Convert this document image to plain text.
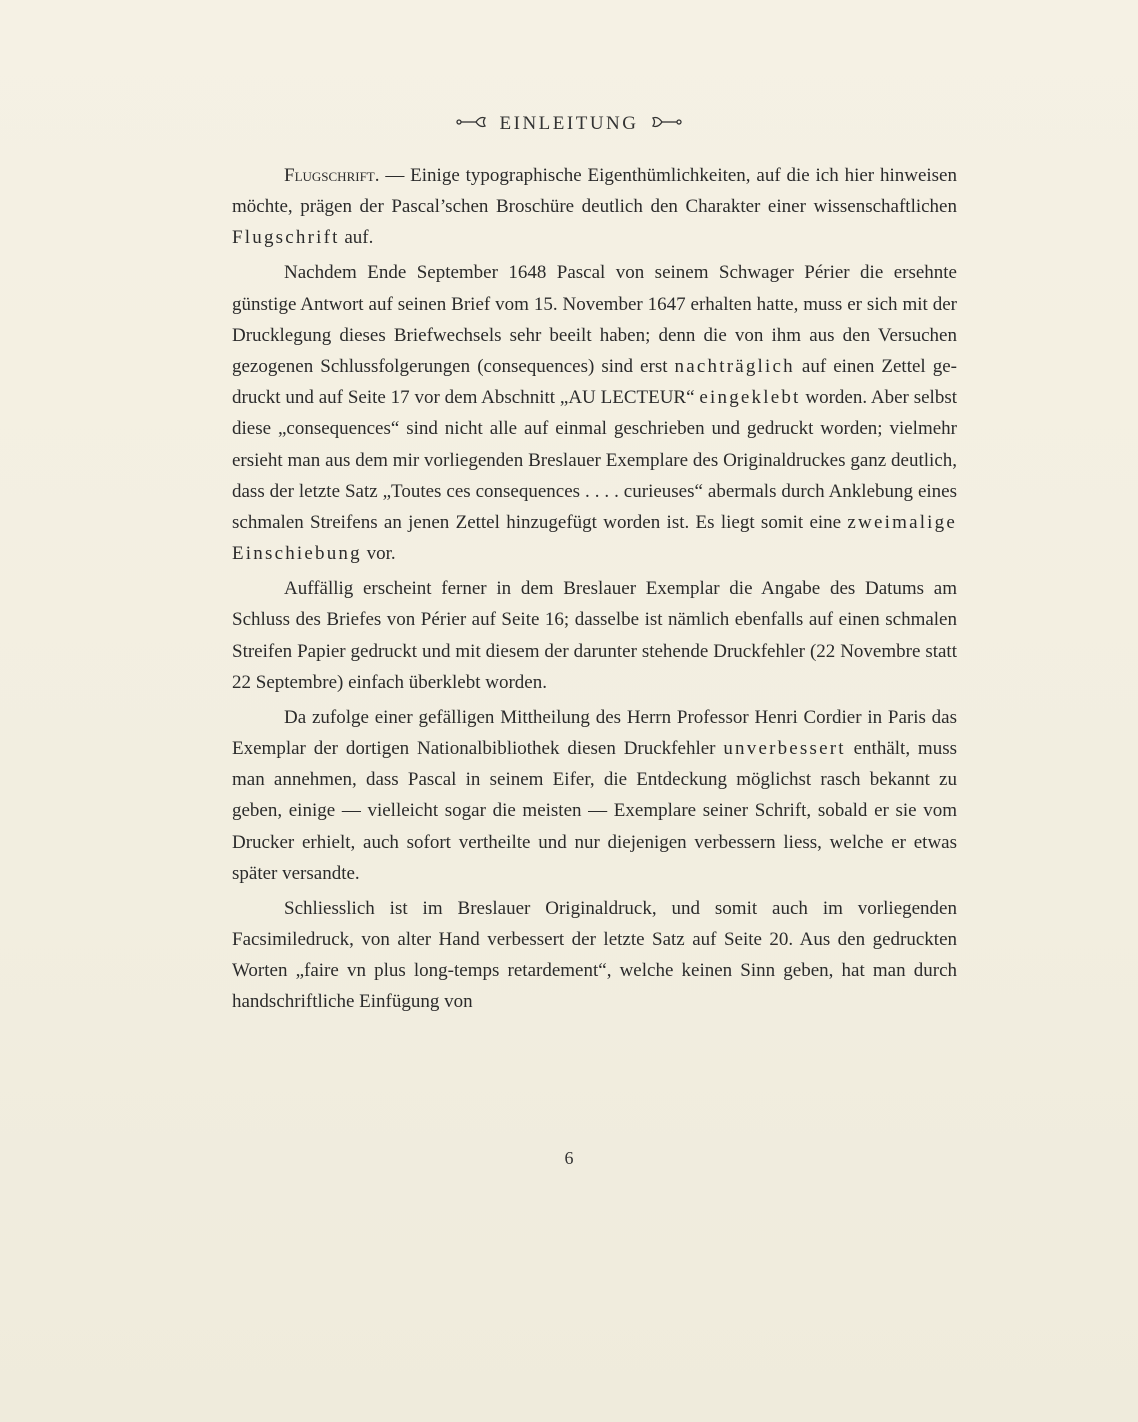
EINLEITUNG

Flugschrift. — Einige typographische Eigenthümlichkeiten, auf die ich hier hinweisen möchte, prägen der Pascal’schen Broschüre deutlich den Charakter einer wissenschaftlichen Flugschrift auf.

Nachdem Ende September 1648 Pascal von seinem Schwager Périer die ersehnte günstige Antwort auf seinen Brief vom 15. November 1647 erhalten hatte, muss er sich mit der Drucklegung dieses Briefwechsels sehr beeilt haben; denn die von ihm aus den Versuchen gezogenen Schlussfolgerungen (consequences) sind erst nachträglich auf einen Zettel gedruckt und auf Seite 17 vor dem Abschnitt „AU LECTEUR“ eingeklebt worden. Aber selbst diese „consequences“ sind nicht alle auf einmal geschrieben und gedruckt worden; vielmehr ersieht man aus dem mir vorliegenden Breslauer Exemplare des Originaldruckes ganz deutlich, dass der letzte Satz „Toutes ces consequences . . . . curieuses“ abermals durch Anklebung eines schmalen Streifens an jenen Zettel hinzugefügt worden ist. Es liegt somit eine zweimalige Einschiebung vor.

Auffällig erscheint ferner in dem Breslauer Exemplar die Angabe des Datums am Schluss des Briefes von Périer auf Seite 16; dasselbe ist nämlich ebenfalls auf einen schmalen Streifen Papier gedruckt und mit diesem der darunter stehende Druckfehler (22 Novembre statt 22 Septembre) einfach überklebt worden.

Da zufolge einer gefälligen Mittheilung des Herrn Professor Henri Cordier in Paris das Exemplar der dortigen Nationalbibliothek diesen Druckfehler unverbessert enthält, muss man annehmen, dass Pascal in seinem Eifer, die Entdeckung möglichst rasch bekannt zu geben, einige — vielleicht sogar die meisten — Exemplare seiner Schrift, sobald er sie vom Drucker erhielt, auch sofort vertheilte und nur diejenigen verbessern liess, welche er etwas später versandte.

Schliesslich ist im Breslauer Originaldruck, und somit auch im vorliegenden Facsimiledruck, von alter Hand verbessert der letzte Satz auf Seite 20. Aus den gedruckten Worten „faire vn plus long-temps retardement“, welche keinen Sinn geben, hat man durch handschriftliche Einfügung von

6
